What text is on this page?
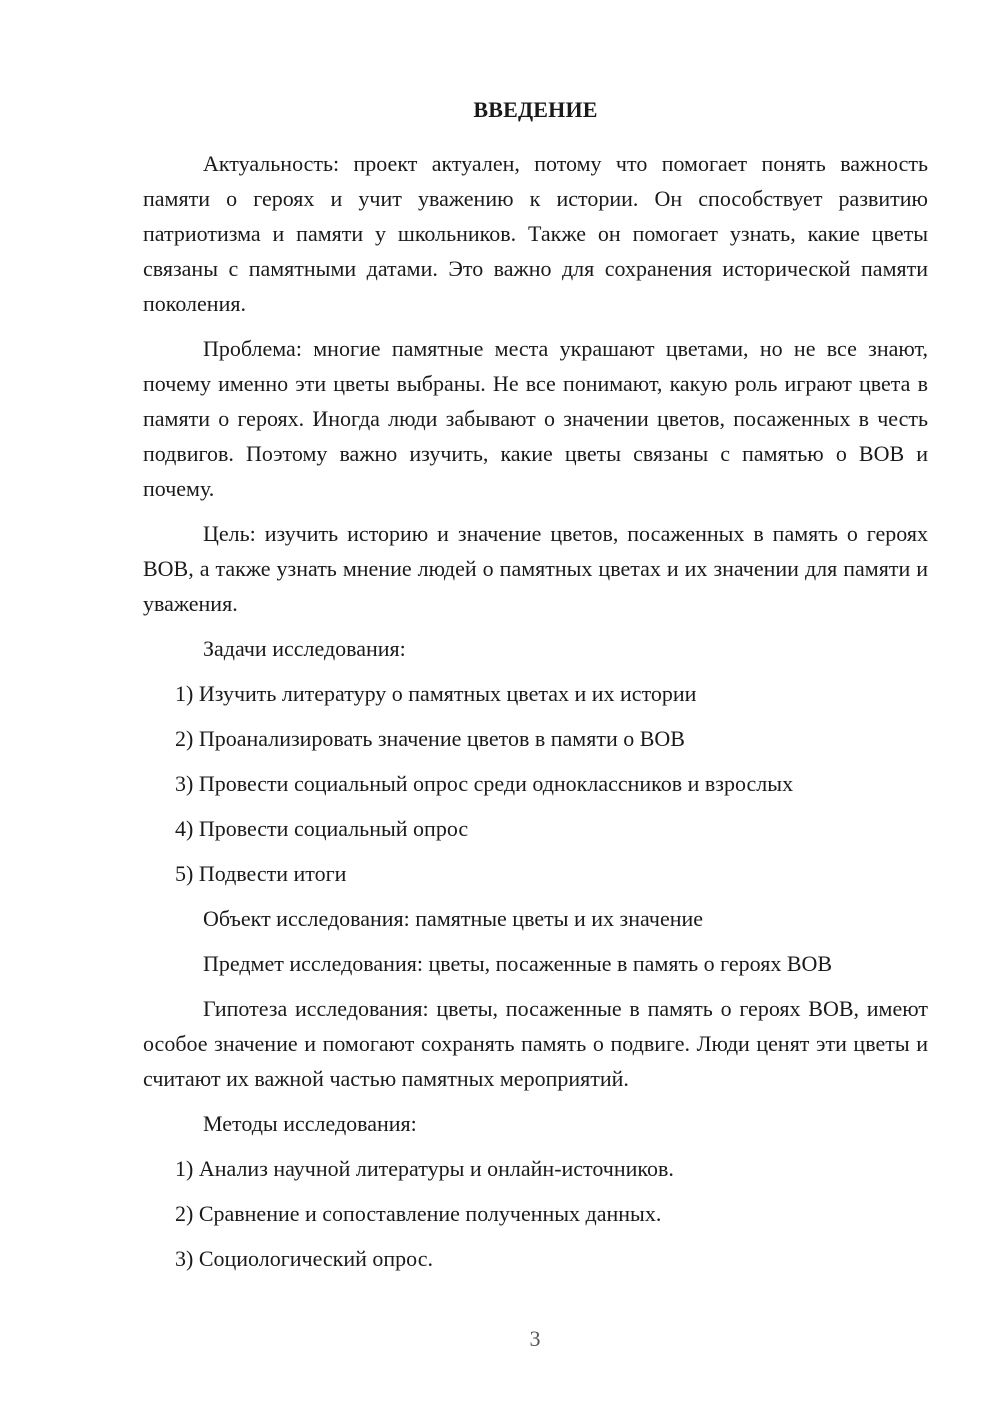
ВВЕДЕНИЕ

Актуальность: проект актуален, потому что помогает понять важность памяти о героях и учит уважению к истории. Он способствует развитию патриотизма и памяти у школьников. Также он помогает узнать, какие цветы связаны с памятными датами. Это важно для сохранения исторической памяти поколения.

Проблема: многие памятные места украшают цветами, но не все знают, почему именно эти цветы выбраны. Не все понимают, какую роль играют цвета в памяти о героях. Иногда люди забывают о значении цветов, посаженных в честь подвигов. Поэтому важно изучить, какие цветы связаны с памятью о ВОВ и почему.

Цель: изучить историю и значение цветов, посаженных в память о героях ВОВ, а также узнать мнение людей о памятных цветах и их значении для памяти и уважения.

Задачи исследования:
1) Изучить литературу о памятных цветах и их истории
2) Проанализировать значение цветов в памяти о ВОВ
3) Провести социальный опрос среди одноклассников и взрослых
4) Провести социальный опрос
5) Подвести итоги
Объект исследования: памятные цветы и их значение
Предмет исследования: цветы, посаженные в память о героях ВОВ

Гипотеза исследования: цветы, посаженные в память о героях ВОВ, имеют особое значение и помогают сохранять память о подвиге. Люди ценят эти цветы и считают их важной частью памятных мероприятий.

Методы исследования:
1) Анализ научной литературы и онлайн-источников.
2) Сравнение и сопоставление полученных данных.
3) Социологический опрос.
3
